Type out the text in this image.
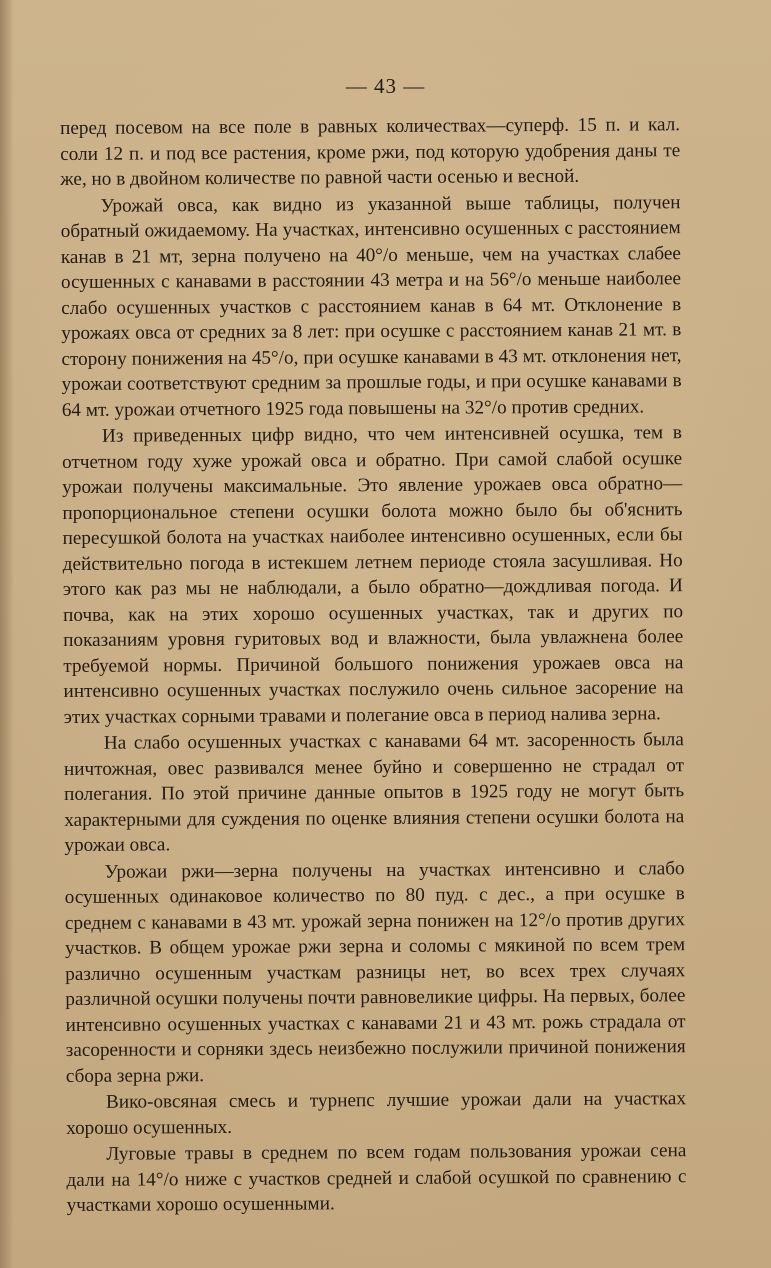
— 43 —

перед посевом на все поле в равных количествах—суперф. 15 п. и кал. соли 12 п. и под все растения, кроме ржи, под которую удобрения даны те же, но в двойном количестве по равной части осенью и весной.

Урожай овса, как видно из указанной выше таблицы, получен обратный ожидаемому. На участках, интенсивно осушенных с расстоянием канав в 21 мт, зерна получено на 40°/о меньше, чем на участках слабее осушенных с канавами в расстоянии 43 метра и на 56°/о меньше наиболее слабо осушенных участков с расстоянием канав в 64 мт. Отклонение в урожаях овса от средних за 8 лет: при осушке с расстоянием канав 21 мт. в сторону понижения на 45°/о, при осушке канавами в 43 мт. отклонения нет, урожаи соответствуют средним за прошлые годы, и при осушке канавами в 64 мт. урожаи отчетного 1925 года повышены на 32°/о против средних.

Из приведенных цифр видно, что чем интенсивней осушка, тем в отчетном году хуже урожай овса и обратно. При самой слабой осушке урожаи получены максимальные. Это явление урожаев овса обратно—пропорциональное степени осушки болота можно было бы об'яснить пересушкой болота на участках наиболее интенсивно осушенных, если бы действительно погода в истекшем летнем периоде стояла засушливая. Но этого как раз мы не наблюдали, а было обратно—дождливая погода. И почва, как на этих хорошо осушенных участках, так и других по показаниям уровня гуритовых вод и влажности, была увлажнена более требуемой нормы. Причиной большого понижения урожаев овса на интенсивно осушенных участках послужило очень сильное засорение на этих участках сорными травами и полегание овса в период налива зерна.

На слабо осушенных участках с канавами 64 мт. засоренность была ничтожная, овес развивался менее буйно и совершенно не страдал от полегания. По этой причине данные опытов в 1925 году не могут быть характерными для суждения по оценке влияния степени осушки болота на урожаи овса.

Урожаи ржи—зерна получены на участках интенсивно и слабо осушенных одинаковое количество по 80 пуд. с дес., а при осушке в среднем с канавами в 43 мт. урожай зерна понижен на 12°/о против других участков. В общем урожае ржи зерна и соломы с мякиной по всем трем различно осушенным участкам разницы нет, во всех трех случаях различной осушки получены почти равновеликие цифры. На первых, более интенсивно осушенных участках с канавами 21 и 43 мт. рожь страдала от засоренности и сорняки здесь неизбежно послужили причиной понижения сбора зерна ржи.

Вико-овсяная смесь и турнепс лучшие урожаи дали на участках хорошо осушенных.

Луговые травы в среднем по всем годам пользования урожаи сена дали на 14°/о ниже с участков средней и слабой осушкой по сравнению с участками хорошо осушенными.
